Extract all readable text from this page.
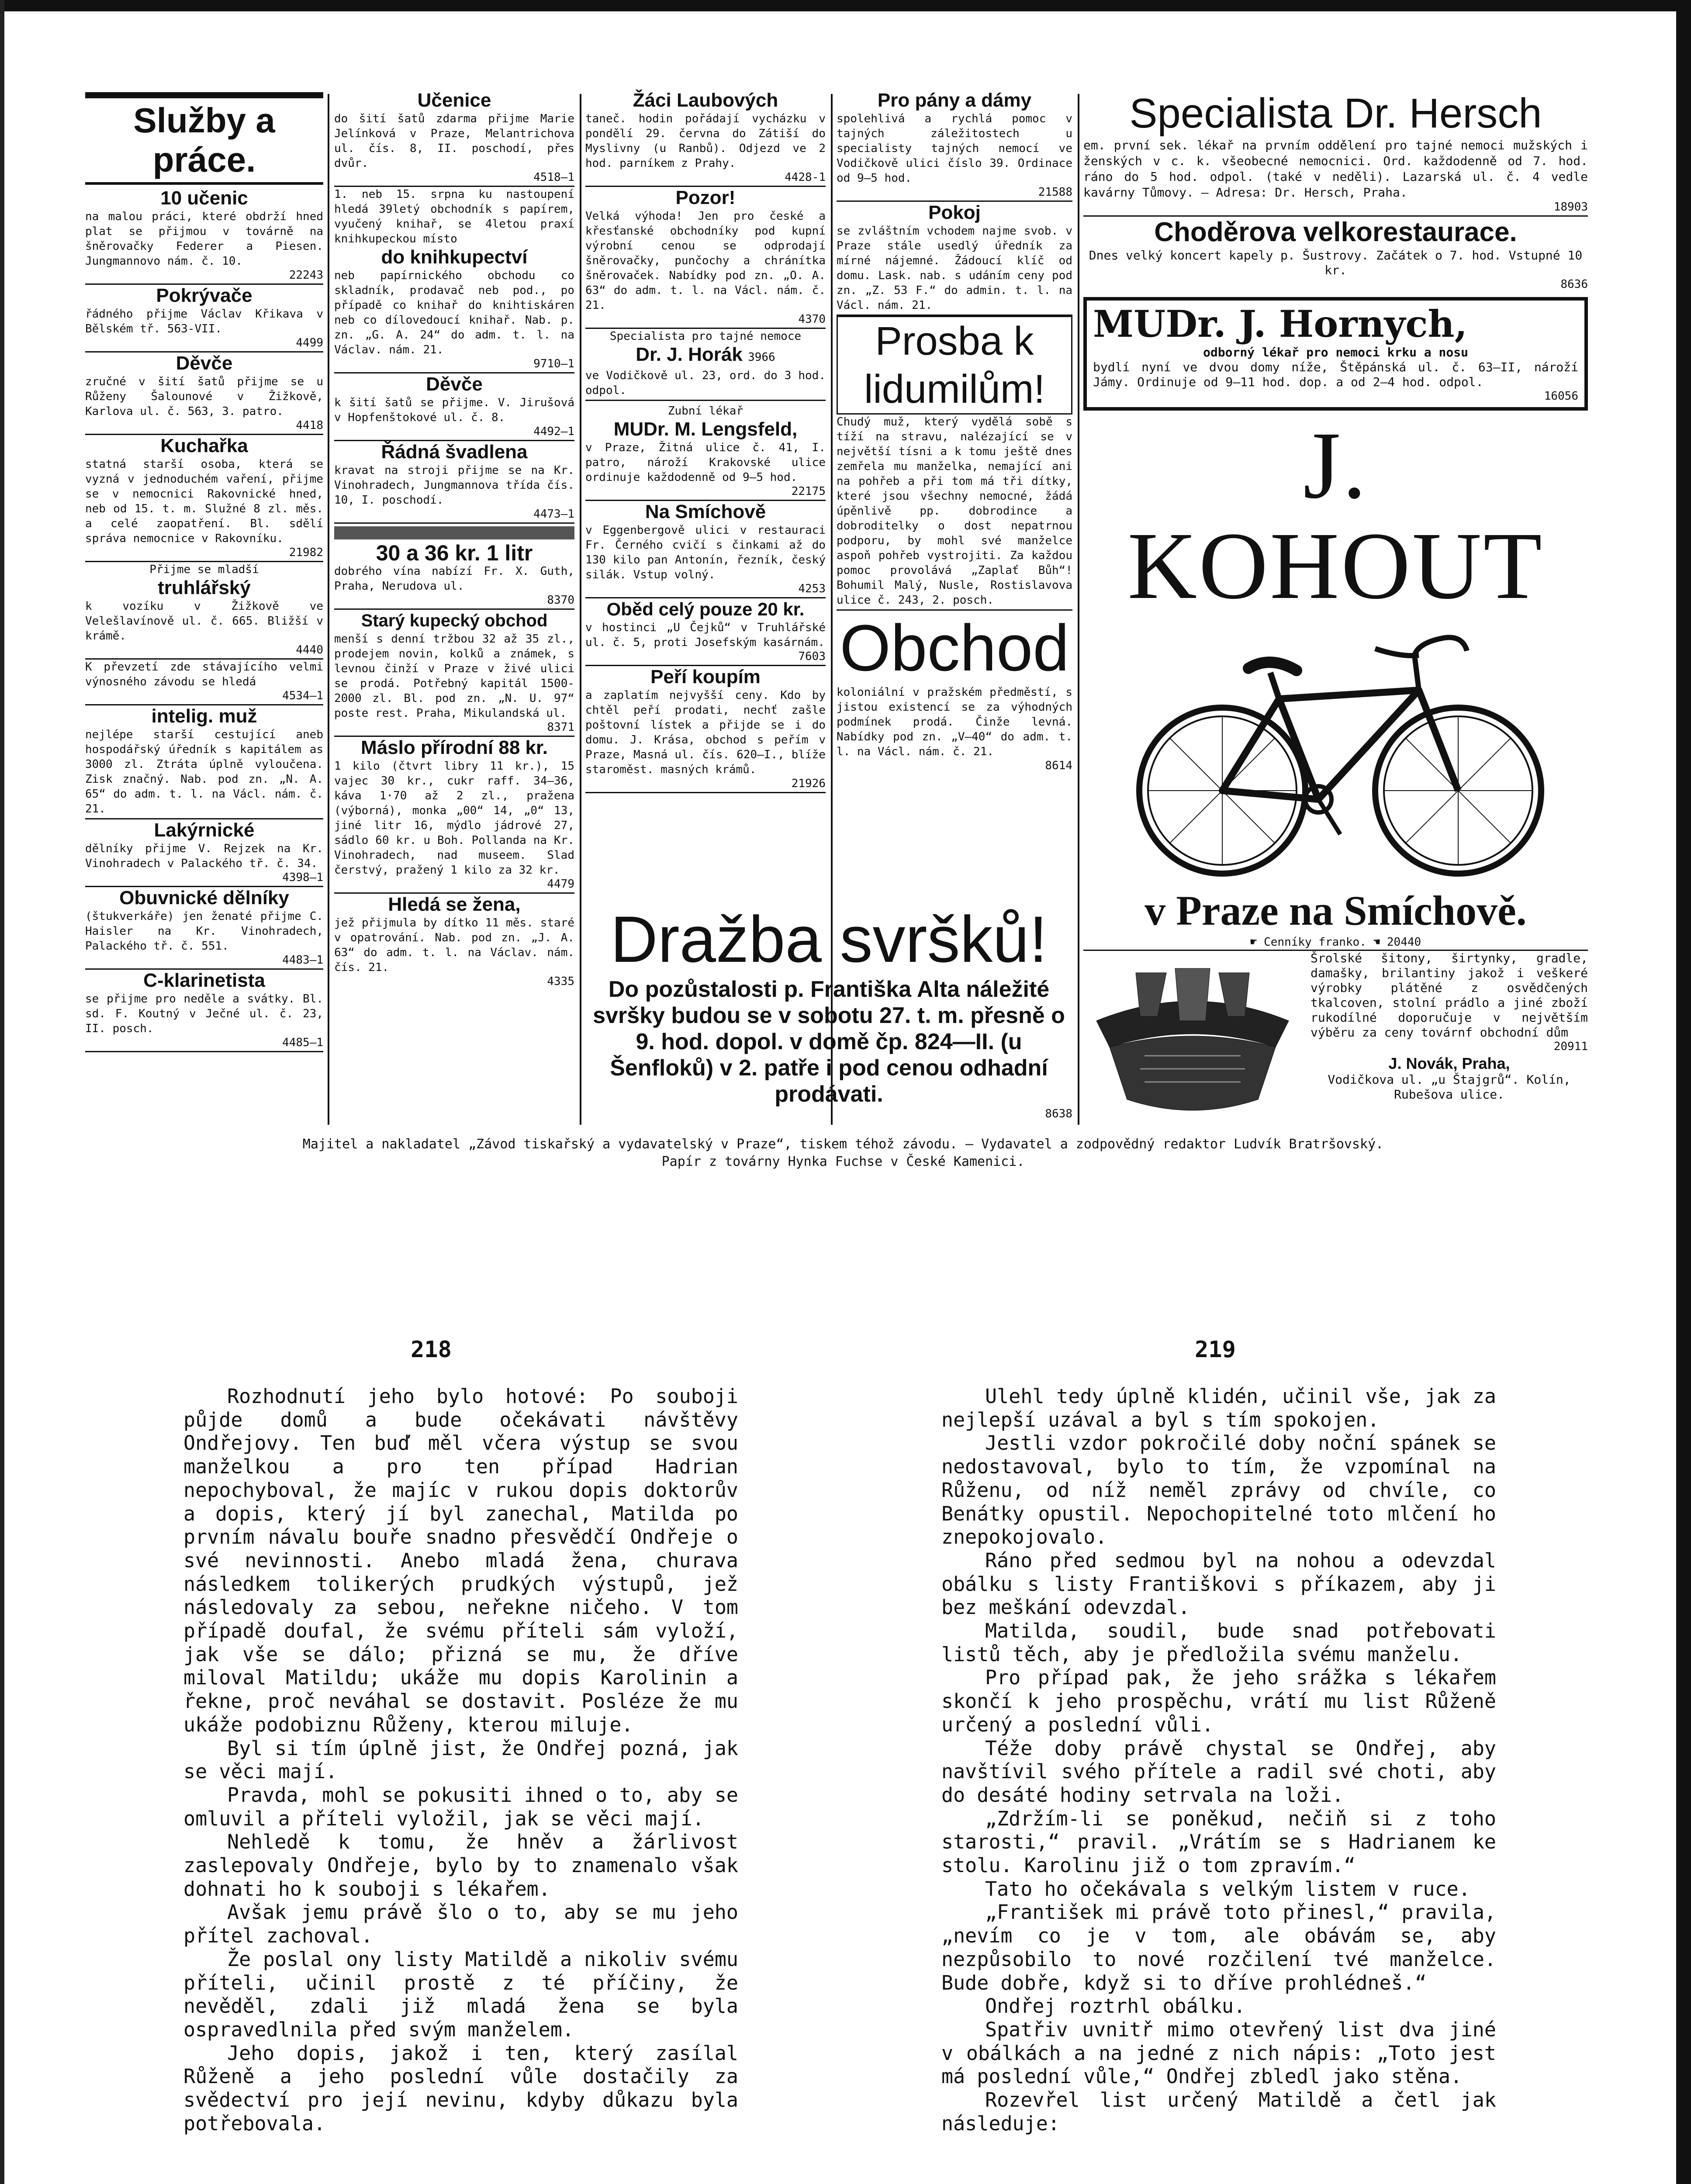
Služby a práce.

10 učenic

na malou práci, které obdrží hned plat se přijmou v továrně na šněrovačky Federer a Piesen. Jungmannovo nám. č. 10.

22243

Pokrývače

řádného přijme Václav Křikava v Bělském tř. 563-VII.

4499

Děvče

zručné v šití šatů přijme se u Růženy Šalounové v Žižkově, Karlova ul. č. 563, 3. patro.

4418

Kuchařka

statná starší osoba, která se vyzná v jednoduchém vaření, přijme se v nemocnici Rakovnické hned, neb od 15. t. m. Služné 8 zl. měs. a celé zaopatření. Bl. sdělí správa nemocnice v Rakovníku.

21982

Přijme se mladší

truhlářský

k vozíku v Žižkově ve Velešlavínově ul. č. 665. Bližší v krámě.

4440

K převzetí zde stávajícího velmi výnosného závodu se hledá

4534—1

intelig. muž

nejlépe starší cestující aneb hospodářský úředník s kapitálem as 3000 zl. Ztráta úplně vyloučena. Zisk značný. Nab. pod zn. „N. A. 65“ do adm. t. l. na Václ. nám. č. 21.

Lakýrnické

dělníky přijme V. Rejzek na Kr. Vinohradech v Palackého tř. č. 34.

4398—1

Obuvnické dělníky

(štukverkáře) jen ženaté přijme C. Haisler na Kr. Vinohradech, Palackého tř. č. 551.

4483—1

C-klarinetista

se přijme pro neděle a svátky. Bl. sd. F. Koutný v Ječné ul. č. 23, II. posch.

4485—1

Učenice

do šití šatů zdarma přijme Marie Jelínková v Praze, Melantrichova ul. čís. 8, II. poschodí, přes dvůr.

4518—1

1. neb 15. srpna ku nastoupení hledá 39letý obchodník s papírem, vyučený knihař, se 4letou praxí knihkupeckou místo

do knihkupectví

neb papírnického obchodu co skladník, prodavač neb pod., po případě co knihař do knihtiskáren neb co dílovedoucí knihař. Nab. p. zn. „G. A. 24“ do adm. t. l. na Václav. nám. 21.

9710—1

Děvče

k šití šatů se přijme. V. Jirušová v Hopfenštokové ul. č. 8.

4492—1

Řádná švadlena

kravat na stroji přijme se na Kr. Vinohradech, Jungmannova třída čís. 10, I. poschodí.

4473—1

30 a 36 kr. 1 litr

dobrého vína nabízí Fr. X. Guth, Praha, Nerudova ul.

8370

Starý kupecký obchod

menší s denní tržbou 32 až 35 zl., prodejem novin, kolků a známek, s levnou činží v Praze v živé ulici se prodá. Potřebný kapitál 1500-2000 zl. Bl. pod zn. „N. U. 97“ poste rest. Praha, Mikulandská ul.

8371

Máslo přírodní 88 kr.

1 kilo (čtvrt libry 11 kr.), 15 vajec 30 kr., cukr raff. 34—36, káva 1·70 až 2 zl., pražena (výborná), monka „00“ 14, „0“ 13, jiné litr 16, mýdlo jádrové 27, sádlo 60 kr. u Boh. Pollanda na Kr. Vinohradech, nad museem. Slad čerstvý, pražený 1 kilo za 32 kr.

4479

Hledá se žena,

jež přijmula by dítko 11 měs. staré v opatrování. Nab. pod zn. „J. A. 63“ do adm. t. l. na Václav. nám. čís. 21.

4335

Žáci Laubových

taneč. hodin pořádají vycházku v pondělí 29. června do Zátiší do Myslivny (u Ranbů). Odjezd ve 2 hod. parníkem z Prahy.

4428-1

Pozor!

Velká výhoda! Jen pro české a křesťanské obchodníky pod kupní výrobní cenou se odprodají šněrovačky, punčochy a chránítka šněrovaček. Nabídky pod zn. „O. A. 63“ do adm. t. l. na Václ. nám. č. 21.

4370

Specialista pro tajné nemoce

Dr. J. Horák 3966

ve Vodičkově ul. 23, ord. do 3 hod. odpol.

Zubní lékař

MUDr. M. Lengsfeld,

v Praze, Žitná ulice č. 41, I. patro, nároží Krakovské ulice ordinuje každodenně od 9—5 hod.

22175

Na Smíchově

v Eggenbergově ulici v restauraci Fr. Černého cvičí s činkami až do 130 kilo pan Antonín, řezník, český silák. Vstup volný.

4253

Oběd celý pouze 20 kr.

v hostinci „U Čejků“ v Truhlářské ul. č. 5, proti Josefským kasárnám.

7603

Peří koupím

a zaplatím nejvyšší ceny. Kdo by chtěl peří prodati, nechť zašle poštovní lístek a přijde se i do domu. J. Krása, obchod s peřím v Praze, Masná ul. čís. 620—I., blíže staroměst. masných krámů.

21926

Pro pány a dámy

spolehlivá a rychlá pomoc v tajných záležitostech u specialisty tajných nemocí ve Vodičkově ulici číslo 39. Ordinace od 9—5 hod.

21588

Pokoj

se zvláštním vchodem najme svob. v Praze stále usedlý úředník za mírné nájemné. Žádoucí klíč od domu. Lask. nab. s udáním ceny pod zn. „Z. 53 F.“ do admin. t. l. na Václ. nám. 21.

Prosba k lidumilům!

Chudý muž, který vydělá sobě s tíží na stravu, nalézající se v největší tísni a k tomu ještě dnes zemřela mu manželka, nemající ani na pohřeb a při tom má tři dítky, které jsou všechny nemocné, žádá úpěnlivě pp. dobrodince a dobroditelky o dost nepatrnou podporu, by mohl své manželce aspoň pohřeb vystrojiti. Za každou pomoc provolává „Zaplať Bůh“! Bohumil Malý, Nusle, Rostislavova ulice č. 243, 2. posch.

Obchod

koloniální v pražském předměstí, s jistou existencí se za výhodných podmínek prodá. Činže levná. Nabídky pod zn. „V—40“ do adm. t. l. na Václ. nám. č. 21.

8614

Dražba svršků!

Do pozůstalosti p. Františka Alta náležité svršky budou se v sobotu 27. t. m. přesně o 9. hod. dopol. v domě čp. 824—II. (u Šenfloků) v 2. patře i pod cenou odhadní prodávati.

8638

Specialista Dr. Hersch

em. první sek. lékař na prvním oddělení pro tajné nemoci mužských i ženských v c. k. všeobecné nemocnici. Ord. každodenně od 7. hod. ráno do 5 hod. odpol. (také v neděli). Lazarská ul. č. 4 vedle kavárny Tůmovy. — Adresa: Dr. Hersch, Praha.

18903

Choděrova velkorestaurace.

Dnes velký koncert kapely p. Šustrovy. Začátek o 7. hod. Vstupné 10 kr.

8636

MUDr. J. Hornych,

odborný lékař pro nemoci krku a nosu

bydlí nyní ve dvou domy níže, Štěpánská ul. č. 63—II, nároží Jámy. Ordinuje od 9—11 hod. dop. a od 2—4 hod. odpol.

16056

J. KOHOUT

v Praze na Smíchově.

☛ Cenníky franko. ☚ 20440

Šrolské šitony, širtynky, gradle, damašky, brilantiny jakož i veškeré výrobky plátěné z osvědčených tkalcoven, stolní prádlo a jiné zboží rukodílné doporučuje v největším výběru za ceny továrnf obchodní dům

20911

J. Novák, Praha,

Vodičkova ul. „u Štajgrů“. Kolín, Rubešova ulice.

Majitel a nakladatel „Závod tiskařský a vydavatelský v Praze“, tiskem téhož závodu. — Vydavatel a zodpovědný redaktor Ludvík Bratršovský.

Papír z továrny Hynka Fuchse v České Kamenici.

218	219

Rozhodnutí jeho bylo hotové: Po souboji půjde domů a bude očekávati návštěvy Ondřejovy. Ten buď měl včera výstup se svou manželkou a pro ten případ Hadrian nepochyboval, že majíc v rukou dopis doktorův a dopis, který jí byl zanechal, Matilda po prvním návalu bouře snadno přesvědčí Ondřeje o své nevinnosti. Anebo mladá žena, churava následkem tolikerých prudkých výstupů, jež následovaly za sebou, neřekne ničeho. V tom případě doufal, že svému příteli sám vyloží, jak vše se dálo; přizná se mu, že dříve miloval Matildu; ukáže mu dopis Karolinin a řekne, proč neváhal se dostavit. Posléze že mu ukáže podobiznu Růženy, kterou miluje.

Byl si tím úplně jist, že Ondřej pozná, jak se věci mají.

Pravda, mohl se pokusiti ihned o to, aby se omluvil a příteli vyložil, jak se věci mají.

Nehledě k tomu, že hněv a žárlivost zaslepovaly Ondřeje, bylo by to znamenalo však dohnati ho k souboji s lékařem.

Avšak jemu právě šlo o to, aby se mu jeho přítel zachoval.

Že poslal ony listy Matildě a nikoliv svému příteli, učinil prostě z té příčiny, že nevěděl, zdali již mladá žena se byla ospravedlnila před svým manželem.

Jeho dopis, jakož i ten, který zasílal Růženě a jeho poslední vůle dostačily za svědectví pro její nevinu, kdyby důkazu byla potřebovala.

Ulehl tedy úplně klidén, učinil vše, jak za nejlepší uzával a byl s tím spokojen.

Jestli vzdor pokročilé doby noční spánek se nedostavoval, bylo to tím, že vzpomínal na Růženu, od níž neměl zprávy od chvíle, co Benátky opustil. Nepochopitelné toto mlčení ho znepokojovalo.

Ráno před sedmou byl na nohou a odevzdal obálku s listy Františkovi s příkazem, aby ji bez meškání odevzdal.

Matilda, soudil, bude snad potřebovati listů těch, aby je předložila svému manželu.

Pro případ pak, že jeho srážka s lékařem skončí k jeho prospěchu, vrátí mu list Růženě určený a poslední vůli.

Téže doby právě chystal se Ondřej, aby navštívil svého přítele a radil své choti, aby do desáté hodiny setrvala na loži.

„Zdržím-li se poněkud, nečiň si z toho starosti,“ pravil. „Vrátím se s Hadrianem ke stolu. Karolinu již o tom zpravím.“

Tato ho očekávala s velkým listem v ruce.

„František mi právě toto přinesl,“ pravila, „nevím co je v tom, ale obávám se, aby nezpůsobilo to nové rozčilení tvé manželce. Bude dobře, když si to dříve prohlédneš.“

Ondřej roztrhl obálku.

Spatřiv uvnitř mimo otevřený list dva jiné v obálkách a na jedné z nich nápis: „Toto jest má poslední vůle,“ Ondřej zbledl jako stěna.

Rozevřel list určený Matildě a četl jak následuje:
